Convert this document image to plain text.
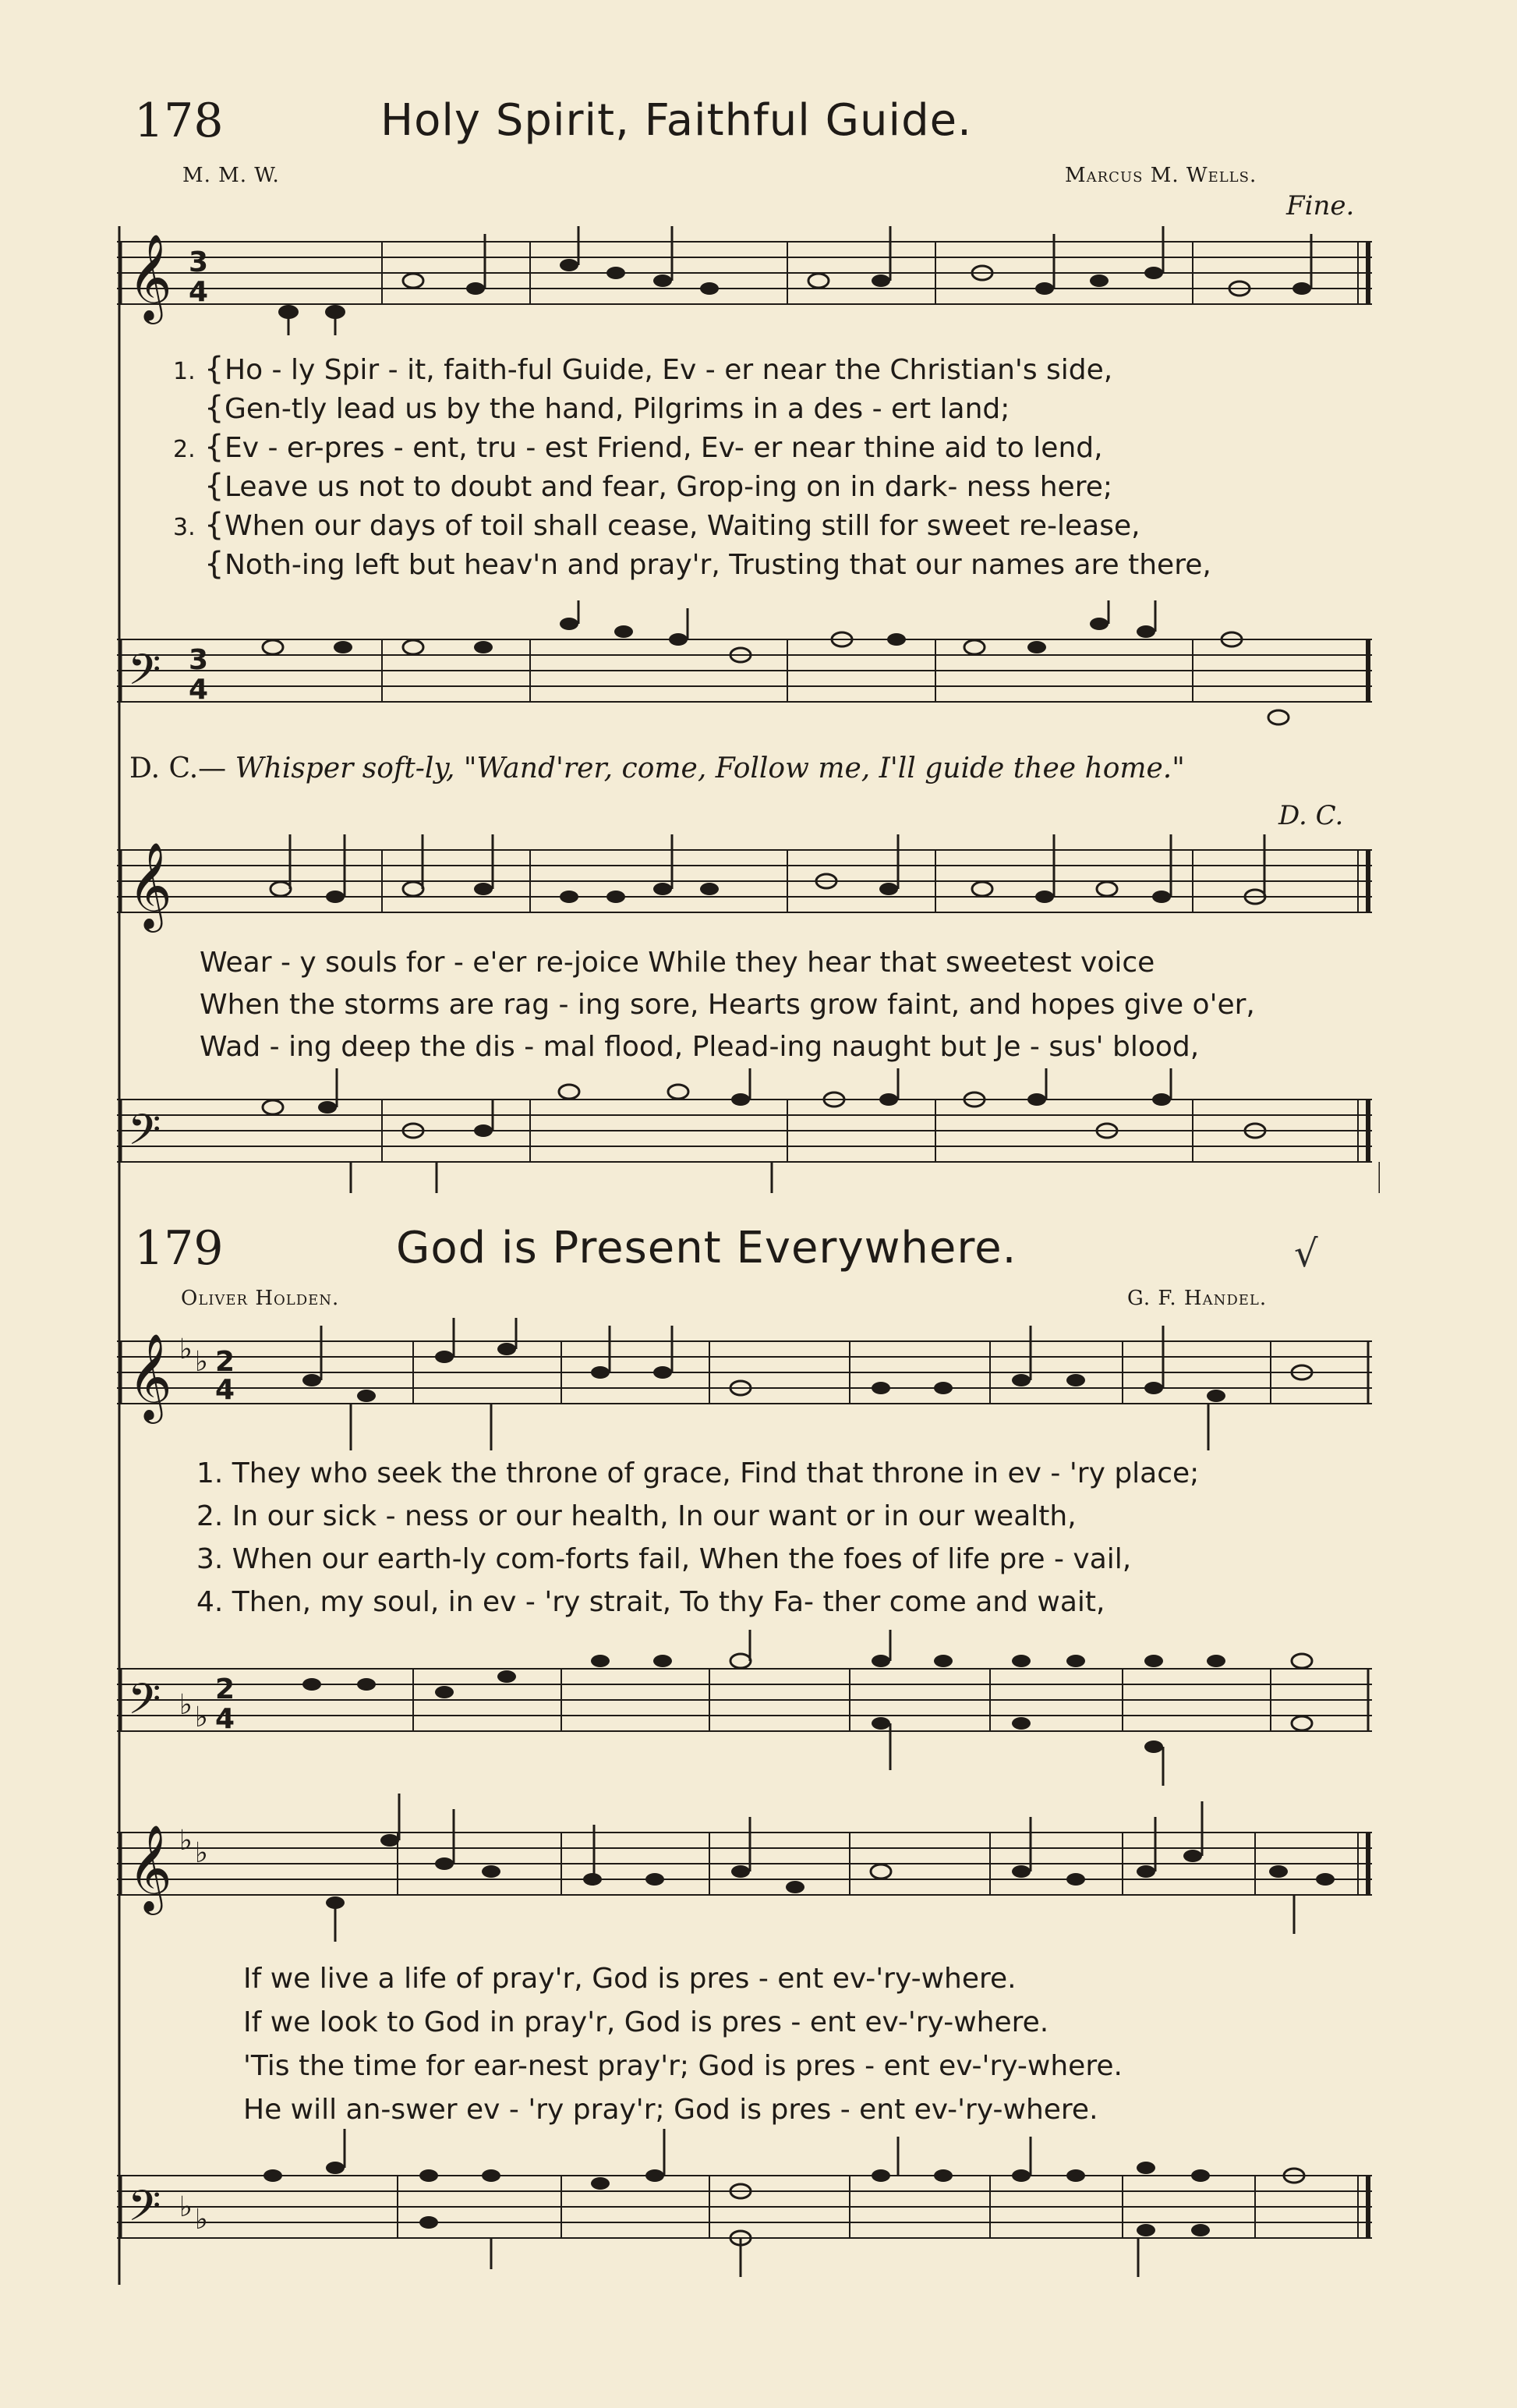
178	Holy Spirit, Faithful Guide.
M. M. W.	Marcus M. Wells.
Fine.
𝄞 3
4
1. {Ho - ly Spir - it, faith-ful Guide, Ev - er near the Christian's side,
{Gen-tly lead us by the hand, Pilgrims in a des - ert land;
2. {Ev - er-pres - ent, tru - est Friend, Ev- er near thine aid to lend,
{Leave us not to doubt and fear, Grop-ing on in dark- ness here;
3. {When our days of toil shall cease, Waiting still for sweet re-lease,
{Noth-ing left but heav'n and pray'r, Trusting that our names are there,
𝄢 3
4
D. C.— Whisper soft-ly, "Wand'rer, come, Follow me, I'll guide thee home."
D. C.
𝄞
Wear - y souls for - e'er re-joice While they hear that sweetest voice
When the storms are rag - ing sore, Hearts grow faint, and hopes give o'er,
Wad - ing deep the dis - mal flood, Plead-ing naught but Je - sus' blood,
𝄢
179	God is Present Everywhere.	√
Oliver Holden.	G. F. Handel.
𝄞 ♭ ♭ 2
4
1. They who seek the throne of grace, Find that throne in ev - 'ry place;
2. In our sick - ness or our health, In our want or in our wealth,
3. When our earth-ly com-forts fail, When the foes of life pre - vail,
4. Then, my soul, in ev - 'ry strait, To thy Fa- ther come and wait,
𝄢 ♭ ♭
2
4
𝄞 ♭ ♭
If we live a life of pray'r, God is pres - ent ev-'ry-where.
If we look to God in pray'r, God is pres - ent ev-'ry-where.
'Tis the time for ear-nest pray'r; God is pres - ent ev-'ry-where.
He will an-swer ev - 'ry pray'r; God is pres - ent ev-'ry-where.
𝄢 ♭ ♭
